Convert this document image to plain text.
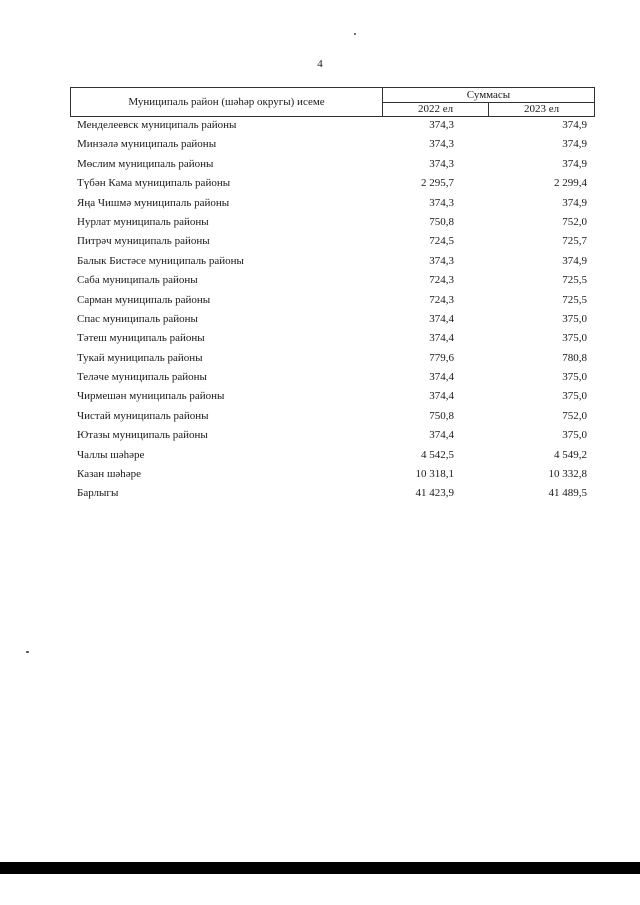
4
Муниципаль район (шәһәр округы) исеме	Суммасы	
	2022 ел	2023 ел
Менделеевск муниципаль районы	374,3	374,9
Минзәлә муниципаль районы	374,3	374,9
Мөслим муниципаль районы	374,3	374,9
Түбән Кама муниципаль районы	2 295,7	2 299,4
Яңа Чишмә муниципаль районы	374,3	374,9
Нурлат муниципаль районы	750,8	752,0
Питрәч муниципаль районы	724,5	725,7
Балык Бистәсе муниципаль районы	374,3	374,9
Саба муниципаль районы	724,3	725,5
Сарман муниципаль районы	724,3	725,5
Спас муниципаль районы	374,4	375,0
Тәтеш муниципаль районы	374,4	375,0
Тукай муниципаль районы	779,6	780,8
Теләче муниципаль районы	374,4	375,0
Чирмешән муниципаль районы	374,4	375,0
Чистай муниципаль районы	750,8	752,0
Ютазы муниципаль районы	374,4	375,0
Чаллы шәһәре	4 542,5	4 549,2
Казан шәһәре	10 318,1	10 332,8
Барлыгы	41 423,9	41 489,5
